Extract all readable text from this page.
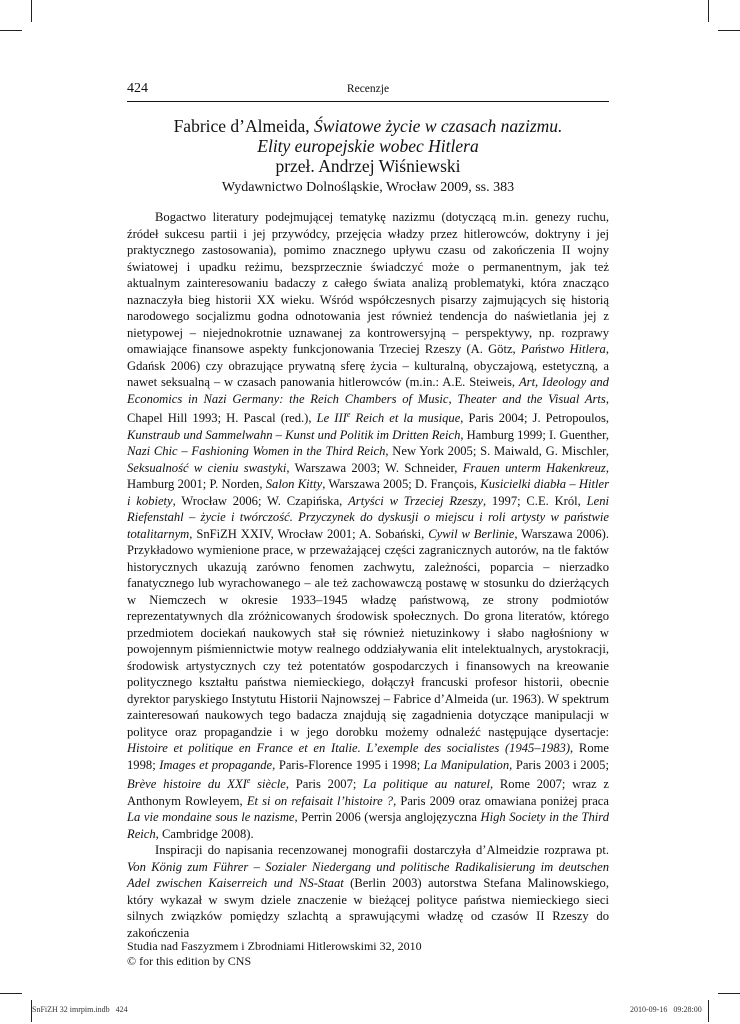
424	Recenzje
Fabrice d’Almeida, Światowe życie w czasach nazizmu.
Elity europejskie wobec Hitlera
przeł. Andrzej Wiśniewski
Wydawnictwo Dolnośląskie, Wrocław 2009, ss. 383

Bogactwo literatury podejmującej tematykę nazizmu (dotyczącą m.in. genezy ruchu, źródeł sukcesu partii i jej przywódcy, przejęcia władzy przez hitlerowców, doktryny i jej praktycznego zastosowania), pomimo znacznego upływu czasu od zakończenia II wojny światowej i upadku reżimu, bezsprzecznie świadczyć może o permanentnym, jak też aktualnym zainteresowaniu badaczy z całego świata analizą problematyki, która znacząco naznaczyła bieg historii XX wieku. Wśród współczesnych pisarzy zajmujących się historią narodowego socjalizmu godna odnotowania jest również tendencja do naświetlania jej z nietypowej – niejednokrotnie uznawanej za kontrowersyjną – perspektywy, np. rozprawy omawiające finansowe aspekty funkcjonowania Trzeciej Rzeszy (A. Götz, Państwo Hitlera, Gdańsk 2006) czy obrazujące prywatną sferę życia – kulturalną, obyczajową, estetyczną, a nawet seksualną – w czasach panowania hitlerowców (m.in.: A.E. Steiweis, Art, Ideology and Economics in Nazi Germany: the Reich Chambers of Music, Theater and the Visual Arts, Chapel Hill 1993; H. Pascal (red.), Le IIIe Reich et la musique, Paris 2004; J. Petropoulos, Kunstraub und Sammelwahn – Kunst und Politik im Dritten Reich, Hamburg 1999; I. Guenther, Nazi Chic – Fashioning Women in the Third Reich, New York 2005; S. Maiwald, G. Mischler, Seksualność w cieniu swastyki, Warszawa 2003; W. Schneider, Frauen unterm Hakenkreuz, Hamburg 2001; P. Norden, Salon Kitty, Warszawa 2005; D. François, Kusicielki diabła – Hitler i kobiety, Wrocław 2006; W. Czapińska, Artyści w Trzeciej Rzeszy, 1997; C.E. Król, Leni Riefenstahl – życie i twórczość. Przyczynek do dyskusji o miejscu i roli artysty w państwie totalitarnym, SnFiZH XXIV, Wrocław 2001; A. Sobański, Cywil w Berlinie, Warszawa 2006). Przykładowo wymienione prace, w przeważającej części zagranicznych autorów, na tle faktów historycznych ukazują zarówno fenomen zachwytu, zależności, poparcia – nierzadko fanatycznego lub wyrachowanego – ale też zachowawczą postawę w stosunku do dzierżących w Niemczech w okresie 1933–1945 władzę państwową, ze strony podmiotów reprezentatywnych dla zróżnicowanych środowisk społecznych. Do grona literatów, którego przedmiotem dociekań naukowych stał się również nietuzinkowy i słabo nagłośniony w powojennym piśmiennictwie motyw realnego oddziaływania elit intelektualnych, arystokracji, środowisk artystycznych czy też potentatów gospodarczych i finansowych na kreowanie politycznego kształtu państwa niemieckiego, dołączył francuski profesor historii, obecnie dyrektor paryskiego Instytutu Historii Najnowszej – Fabrice d’Almeida (ur. 1963). W spektrum zainteresowań naukowych tego badacza znajdują się zagadnienia dotyczące manipulacji w polityce oraz propagandzie i w jego dorobku możemy odnaleźć następujące dysertacje: Histoire et politique en France et en Italie. L’exemple des socialistes (1945–1983), Rome 1998; Images et propagande, Paris-Florence 1995 i 1998; La Manipulation, Paris 2003 i 2005; Brève histoire du XXIe siècle, Paris 2007; La politique au naturel, Rome 2007; wraz z Anthonym Rowleyem, Et si on refaisait l’histoire ?, Paris 2009 oraz omawiana poniżej praca La vie mondaine sous le nazisme, Perrin 2006 (wersja anglojęzyczna High Society in the Third Reich, Cambridge 2008).

Inspiracji do napisania recenzowanej monografii dostarczyła d’Almeidzie rozprawa pt. Von König zum Führer – Sozialer Niedergang und politische Radikalisierung im deutschen Adel zwischen Kaiserreich und NS-Staat (Berlin 2003) autorstwa Stefana Malinowskiego, który wykazał w swym dziele znaczenie w bieżącej polityce państwa niemieckiego sieci silnych związków pomiędzy szlachtą a sprawującymi władzę od czasów II Rzeszy do zakończenia

Studia nad Faszyzmem i Zbrodniami Hitlerowskimi 32, 2010
© for this edition by CNS
SnFiZH 32 imrpim.indb   424	2010-09-16   09:28:00
